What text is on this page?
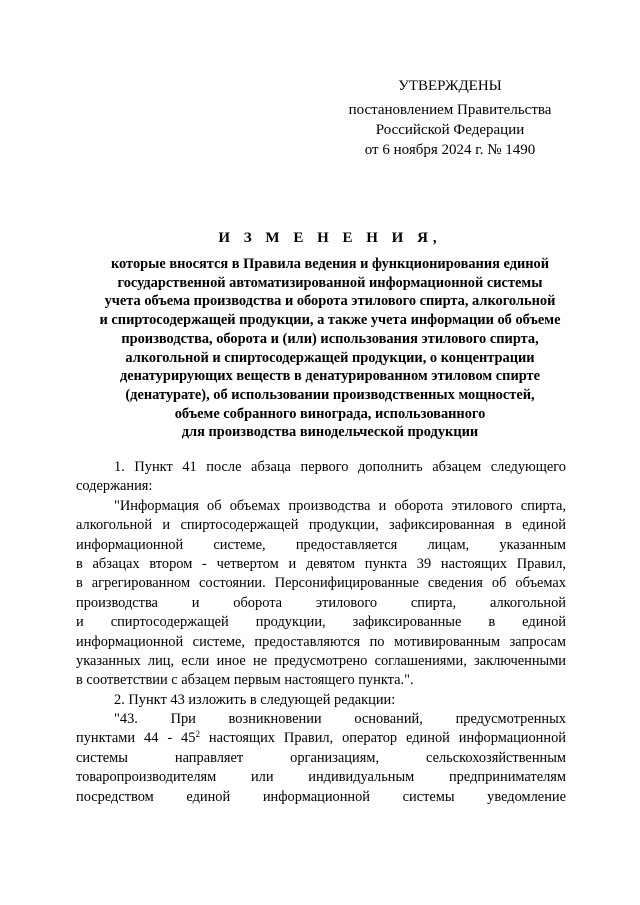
УТВЕРЖДЕНЫ
постановлением Правительства
Российской Федерации
от 6 ноября 2024 г. № 1490
И З М Е Н Е Н И Я,
которые вносятся в Правила ведения и функционирования единой
государственной автоматизированной информационной системы
учета объема производства и оборота этилового спирта, алкогольной
и спиртосодержащей продукции, а также учета информации об объеме
производства, оборота и (или) использования этилового спирта,
алкогольной и спиртосодержащей продукции, о концентрации
денатурирующих веществ в денатурированном этиловом спирте
(денатурате), об использовании производственных мощностей,
объеме собранного винограда, использованного
для производства винодельческой продукции
1. Пункт 41 после абзаца первого дополнить абзацем следующего
содержания:
"Информация об объемах производства и оборота этилового спирта,
алкогольной и спиртосодержащей продукции, зафиксированная в единой
информационной системе, предоставляется лицам, указанным
в абзацах втором - четвертом и девятом пункта 39 настоящих Правил,
в агрегированном состоянии. Персонифицированные сведения об объемах
производства и оборота этилового спирта, алкогольной
и спиртосодержащей продукции, зафиксированные в единой
информационной системе, предоставляются по мотивированным запросам
указанных лиц, если иное не предусмотрено соглашениями, заключенными
в соответствии с абзацем первым настоящего пункта.".
2. Пункт 43 изложить в следующей редакции:
"43. При возникновении оснований, предусмотренных
пунктами $44 - 45^2$ настоящих Правил, оператор единой информационной
системы направляет организациям, сельскохозяйственным
товаропроизводителям или индивидуальным предпринимателям
посредством единой информационной системы уведомление
